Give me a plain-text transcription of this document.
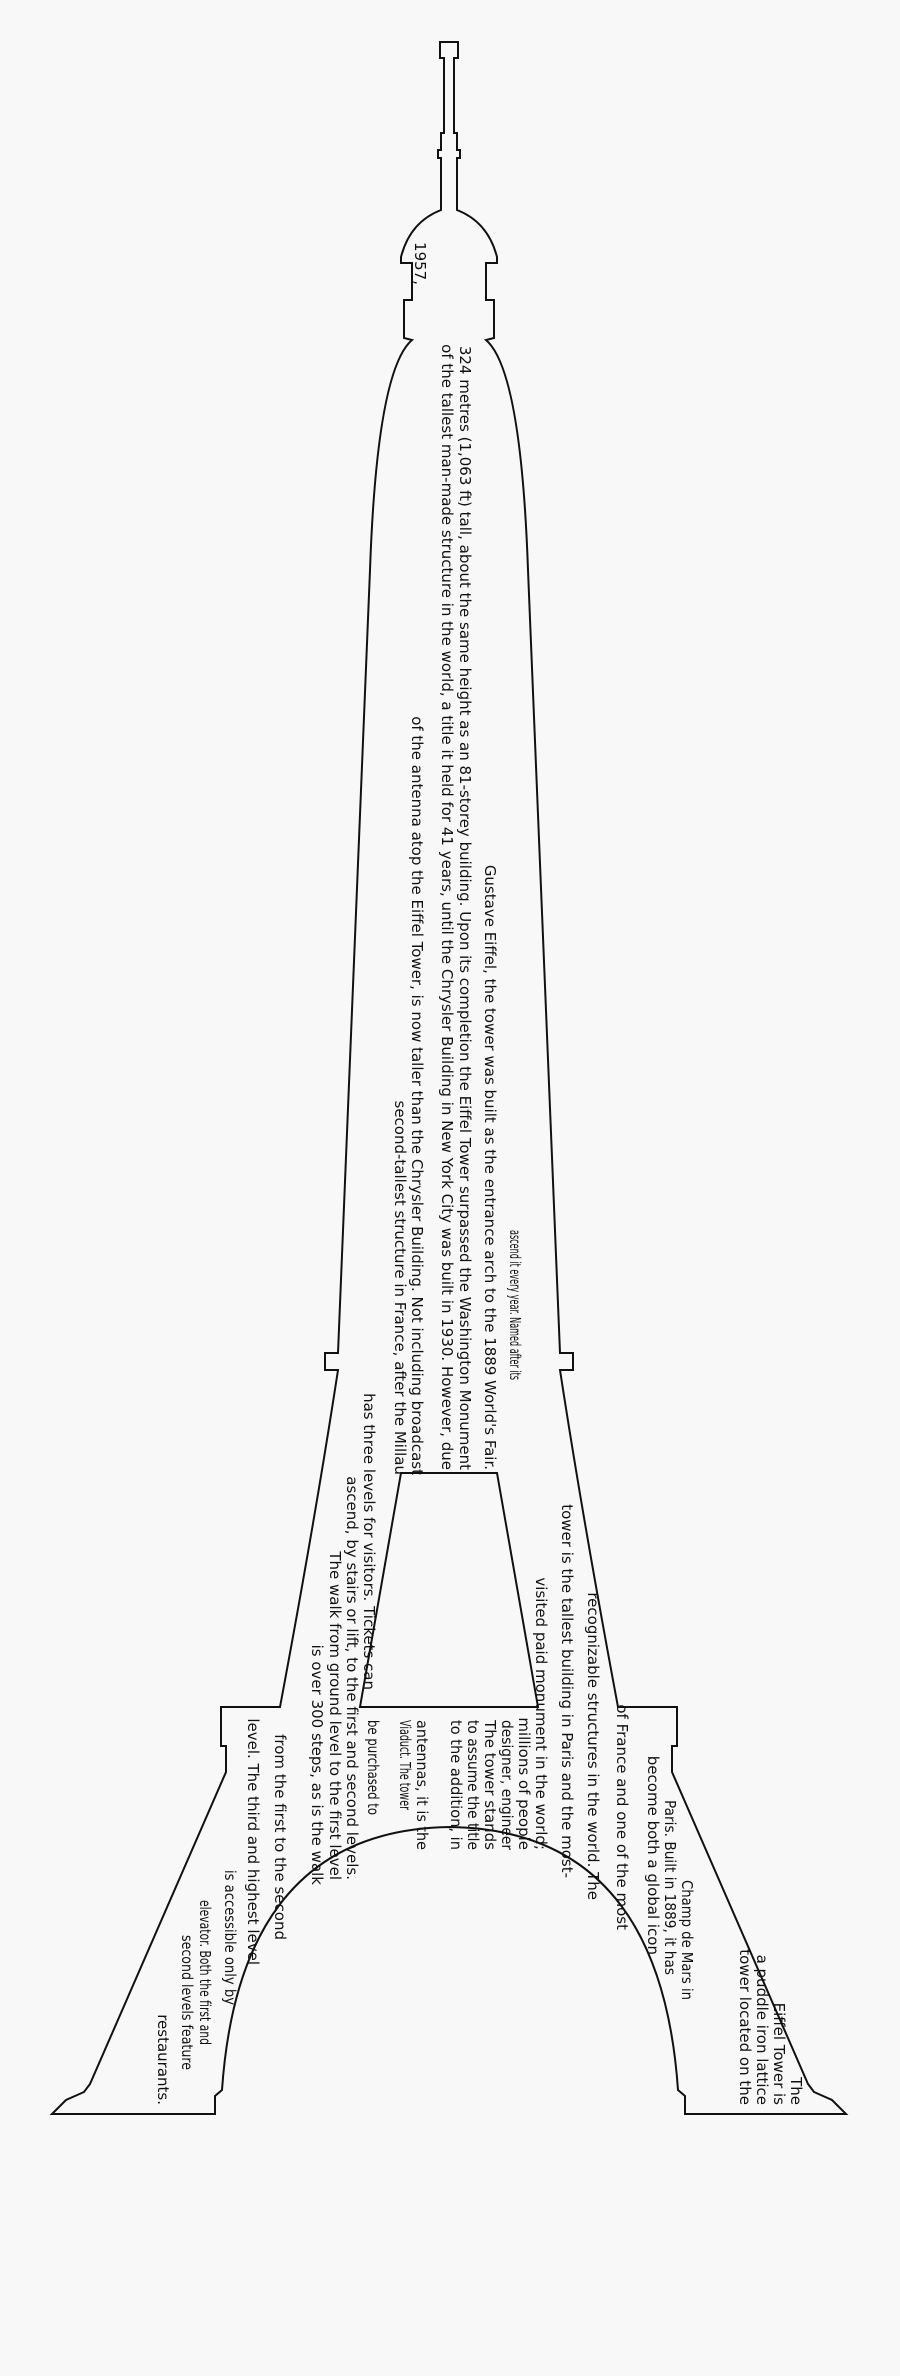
The
Eiffel Tower is
a puddle iron lattice
tower located on the
Champ de Mars in
Paris. Built in 1889, it has
become both a global icon
of France and one of the most
recognizable structures in the world. The
tower is the tallest building in Paris and the most-
visited paid monument in the world;
millions of people
ascend it every year. Named after its
designer, engineer
Gustave Eiffel, the tower was built as the entrance arch to the 1889 World's Fair.
The tower stands
324 metres (1,063 ft) tall, about the same height as an 81-storey building. Upon its completion the Eiffel Tower surpassed the Washington Monument
to assume the title
of the tallest man-made structure in the world, a title it held for 41 years, until the Chrysler Building in New York City was built in 1930. However, due
to the addition, in
1957,
of the antenna atop the Eiffel Tower, is now taller than the Chrysler Building. Not including broadcast
antennas, it is the
second-tallest structure in France, after the Millau
Viaduct. The tower
has three levels for visitors. Tickets can
be purchased to
ascend, by stairs or lift, to the first and second levels.
The walk from ground level to the first level
is over 300 steps, as is the walk
from the first to the second
level. The third and highest level
is accessible only by
elevator. Both the first and
second levels feature
restaurants.
